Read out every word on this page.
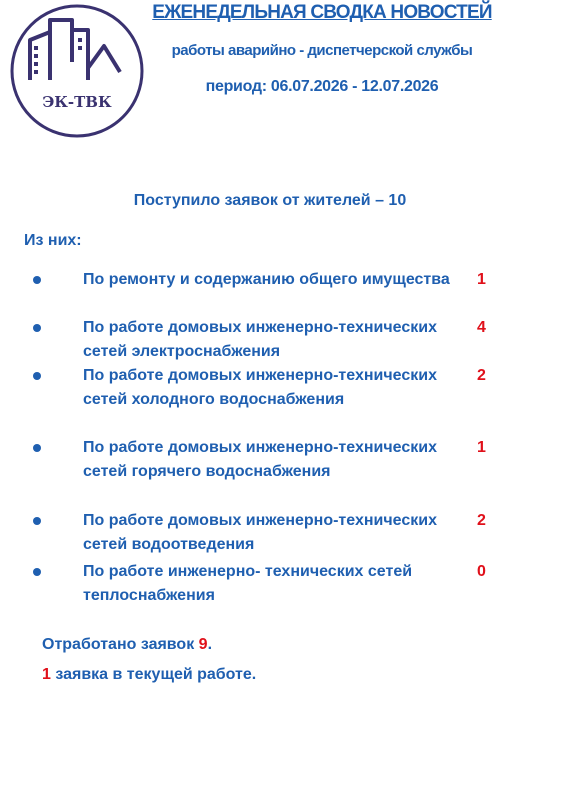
ЭК-ТВК
ЕЖЕНЕДЕЛЬНАЯ СВОДКА НОВОСТЕЙ
работы аварийно - диспетчерской службы
период: 06.07.2026 - 12.07.2026
Поступило заявок от жителей – 10
Из них:
По ремонту и содержанию общего имущества	1
По работе домовых инженерно-технических сетей электроснабжения
4
По работе домовых инженерно-технических сетей холодного водоснабжения
2
По работе домовых инженерно-технических сетей горячего водоснабжения
1
По работе домовых инженерно-технических сетей водоотведения
2
По работе инженерно- технических сетей теплоснабжения
0
Отработано заявок 9.
1 заявка в текущей работе.
